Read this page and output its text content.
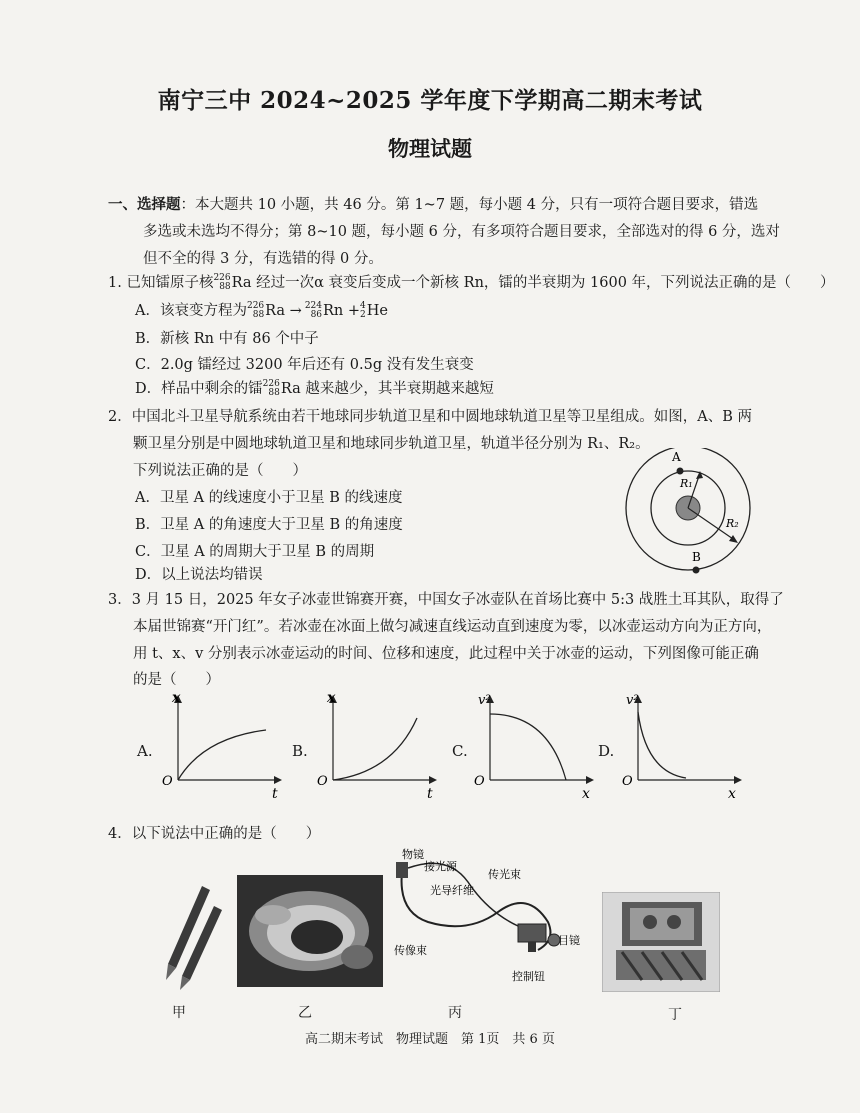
南宁三中 2024~2025 学年度下学期高二期末考试
物理试题
一、选择题：本大题共 10 小题，共 46 分。第 1~7 题，每小题 4 分，只有一项符合题目要求，错选
多选或未选均不得分；第 8~10 题，每小题 6 分，有多项符合题目要求，全部选对的得 6 分，选对
但不全的得 3 分，有选错的得 0 分。
1. 已知镭原子核 226
88 Ra 经过一次α 衰变后变成一个新核 Rn，镭的半衰期为 1600 年，下列说法正确的是（　　）
A．该衰变方程为 226
88 Ra → 224
86 Rn + 4
2 He
B．新核 Rn 中有 86 个中子
C．2.0g 镭经过 3200 年后还有 0.5g 没有发生衰变
D．样品中剩余的镭 226
88 Ra 越来越少，其半衰期越来越短
2．中国北斗卫星导航系统由若干地球同步轨道卫星和中圆地球轨道卫星等卫星组成。如图，A、B 两
颗卫星分别是中圆地球轨道卫星和地球同步轨道卫星，轨道半径分别为 R₁、R₂。
下列说法正确的是（　　）
A．卫星 A 的线速度小于卫星 B 的线速度
B．卫星 A 的角速度大于卫星 B 的角速度
C．卫星 A 的周期大于卫星 B 的周期
D．以上说法均错误
A
B
R₁
R₂
3．3 月 15 日，2025 年女子冰壶世锦赛开赛，中国女子冰壶队在首场比赛中 5:3 战胜土耳其队，取得了
本届世锦赛“开门红”。若冰壶在冰面上做匀减速直线运动直到速度为零，以冰壶运动方向为正方向，
用 t、x、v 分别表示冰壶运动的时间、位移和速度，此过程中关于冰壶的运动，下列图像可能正确
的是（　　）
A.
x
t
O
B.
x
t
O
C.
v²
x
O
D.
v²
x
O
4．以下说法中正确的是（　　）
甲	乙
物镜
接光源
传光束
光导纤维
传像束
目镜
控制钮
丙	丁
高二期末考试　物理试题　第 1页　共 6 页
